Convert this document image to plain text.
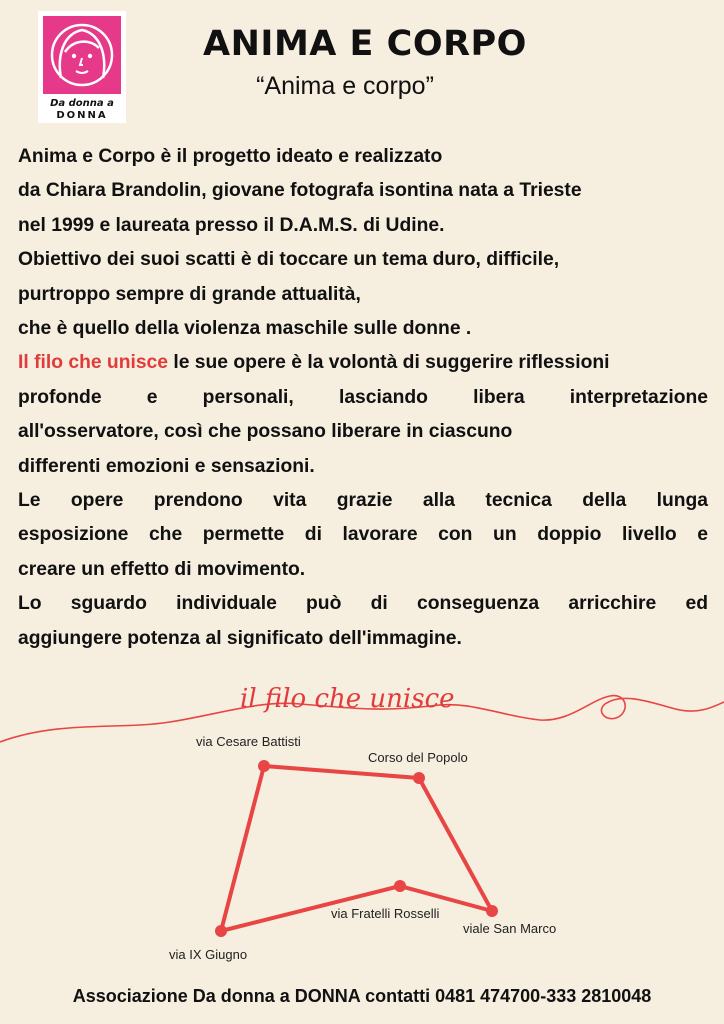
Da donna a
DONNA
ANIMA E CORPO
“Anima e corpo”

Anima e Corpo è il progetto ideato e realizzato

da Chiara Brandolin, giovane fotografa isontina nata a Trieste

nel 1999 e laureata presso il D.A.M.S. di Udine.

Obiettivo dei suoi scatti è di toccare un tema duro, difficile,

purtroppo sempre di grande attualità,

che è quello della violenza maschile sulle donne .

Il filo che unisce le sue opere è la volontà di suggerire riflessioni

profonde e personali, lasciando libera interpretazione

all'osservatore, così che possano liberare in ciascuno

differenti emozioni e sensazioni.

Le opere prendono vita grazie alla tecnica della lunga

esposizione che permette di lavorare con un doppio livello e

creare un effetto di movimento.

Lo sguardo individuale può di conseguenza arricchire ed

aggiungere potenza al significato dell'immagine.

il filo che unisce
via Cesare Battisti
Corso del Popolo
via Fratelli Rosselli
viale San Marco
via IX Giugno
Associazione Da donna a DONNA contatti 0481 474700-333 2810048
